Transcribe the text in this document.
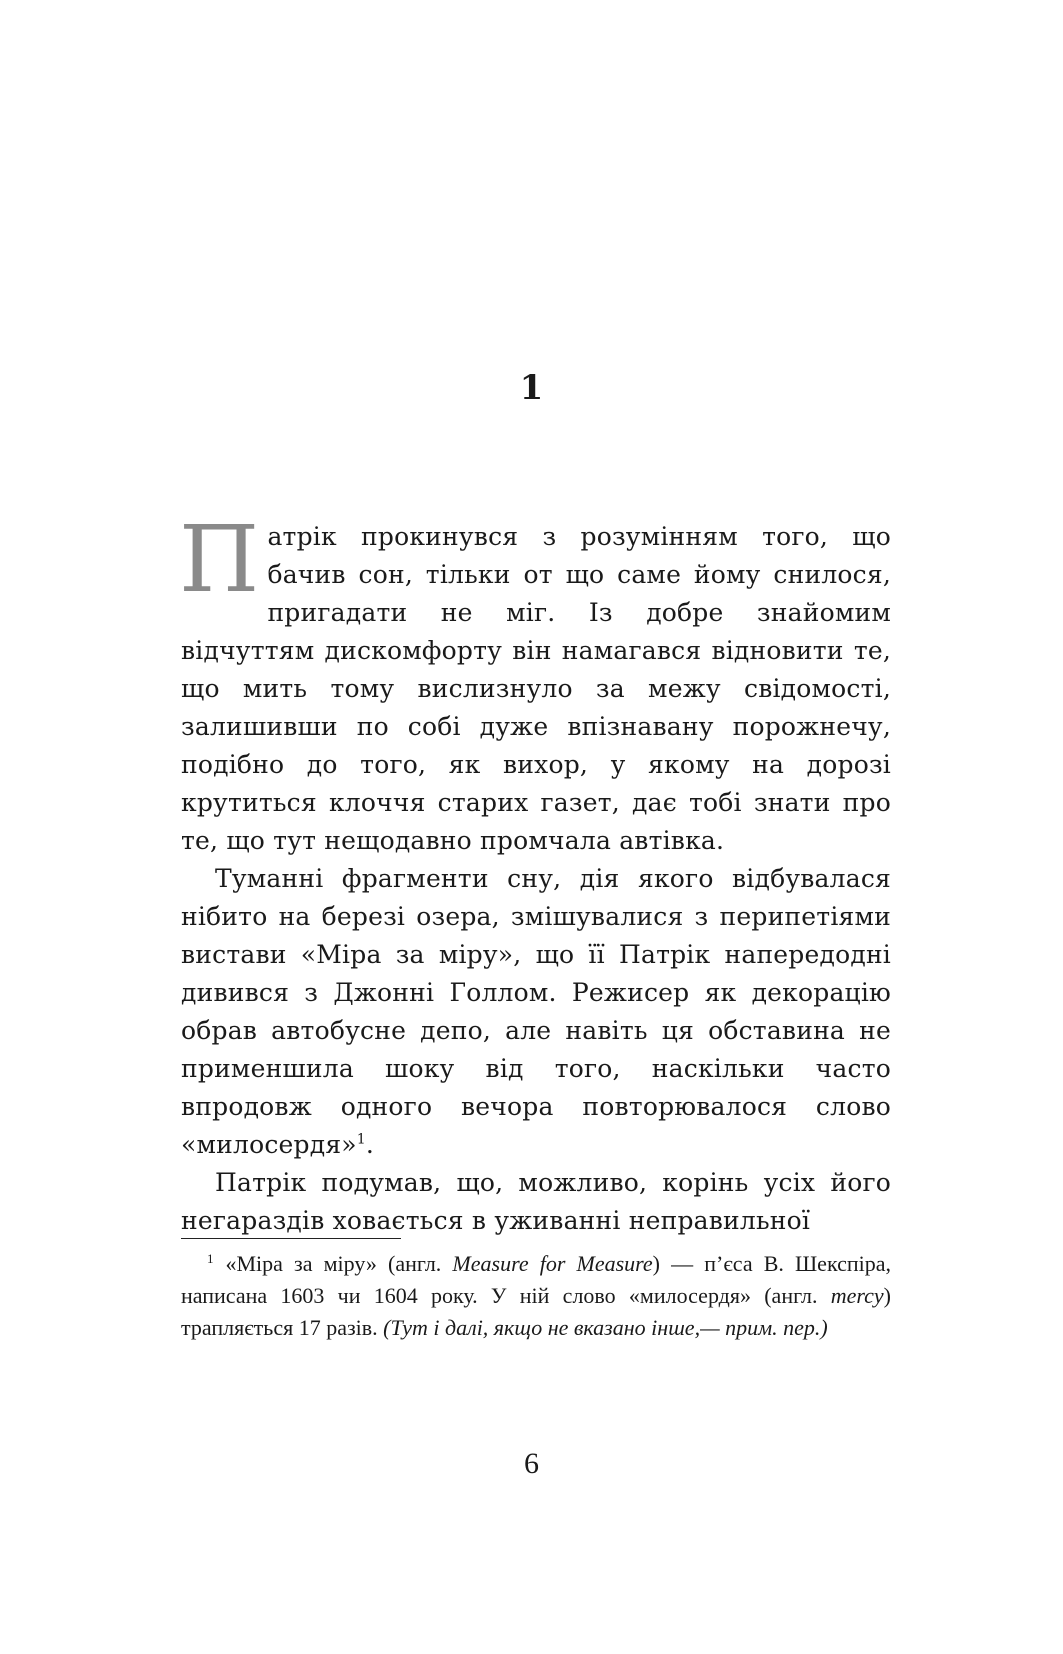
1

Патрік прокинувся з розумінням того, що бачив сон, тільки от що саме йому снилося, пригадати не міг. Із добре знайомим відчуттям дискомфорту він намагався відновити те, що мить тому вислизнуло за межу свідомості, залишивши по собі дуже впізнавану порожнечу, подібно до того, як вихор, у якому на дорозі крутиться клоччя старих газет, дає тобі знати про те, що тут нещодавно промчала автівка.

Туманні фрагменти сну, дія якого відбувалася нібито на березі озера, змішувалися з перипетіями вистави «Міра за міру», що її Патрік напередодні дивився з Джонні Голлом. Режисер як декорацію обрав автобусне депо, але навіть ця обставина не применшила шоку від того, наскільки часто впродовж одного вечора повторювалося слово «милосердя»$^1$.

Патрік подумав, що, можливо, корінь усіх його негараздів ховається в уживанні неправильної

$^1$ «Міра за міру» (англ. Measure for Measure) — п’єса В. Шекспіра, написана 1603 чи 1604 року. У ній слово «милосердя» (англ. mercy) трапляється 17 разів. (Тут і далі, якщо не вказано інше,— прим. пер.)

6
